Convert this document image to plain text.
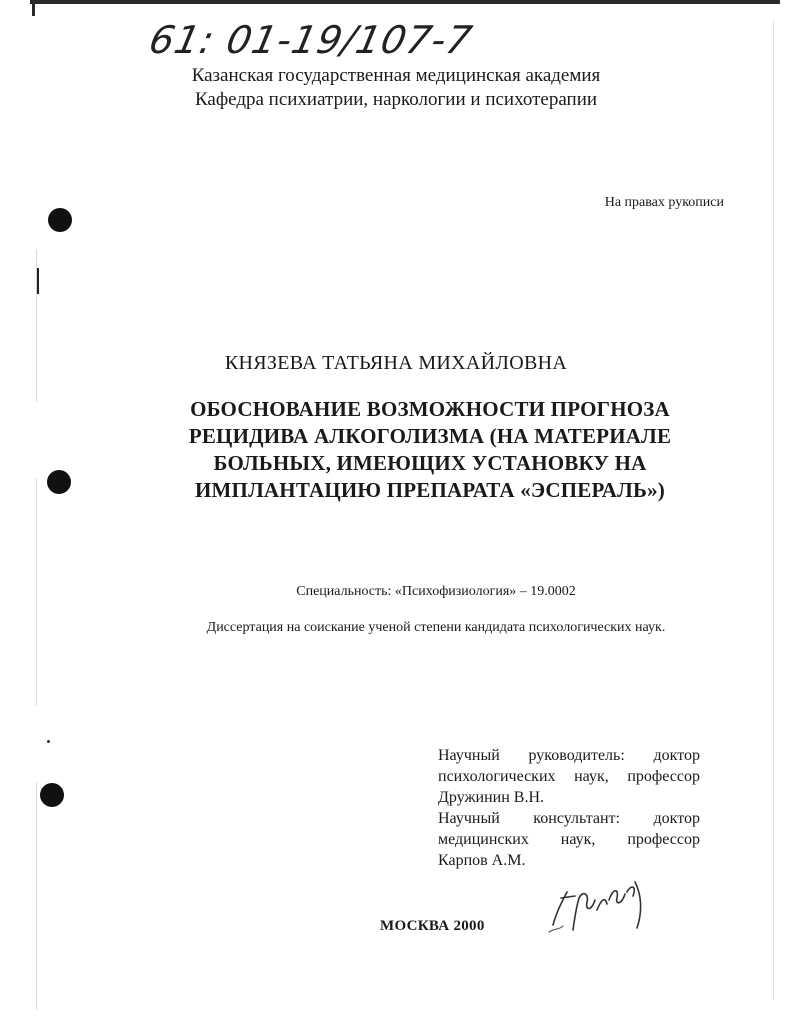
61: 01-19/107-7
Казанская государственная медицинская академия
Кафедра психиатрии, наркологии и психотерапии
На правах рукописи
КНЯЗЕВА ТАТЬЯНА МИХАЙЛОВНА
ОБОСНОВАНИЕ ВОЗМОЖНОСТИ ПРОГНОЗА
РЕЦИДИВА АЛКОГОЛИЗМА (НА МАТЕРИАЛЕ
БОЛЬНЫХ, ИМЕЮЩИХ УСТАНОВКУ НА
ИМПЛАНТАЦИЮ ПРЕПАРАТА «ЭСПЕРАЛЬ»)
Специальность: «Психофизиология» – 19.0002
Диссертация на соискание ученой степени кандидата психологических наук.
Научный руководитель: доктор
психологических наук, профессор
Дружинин В.Н.
Научный консультант: доктор
медицинских наук, профессор
Карпов А.М.
МОСКВА 2000
